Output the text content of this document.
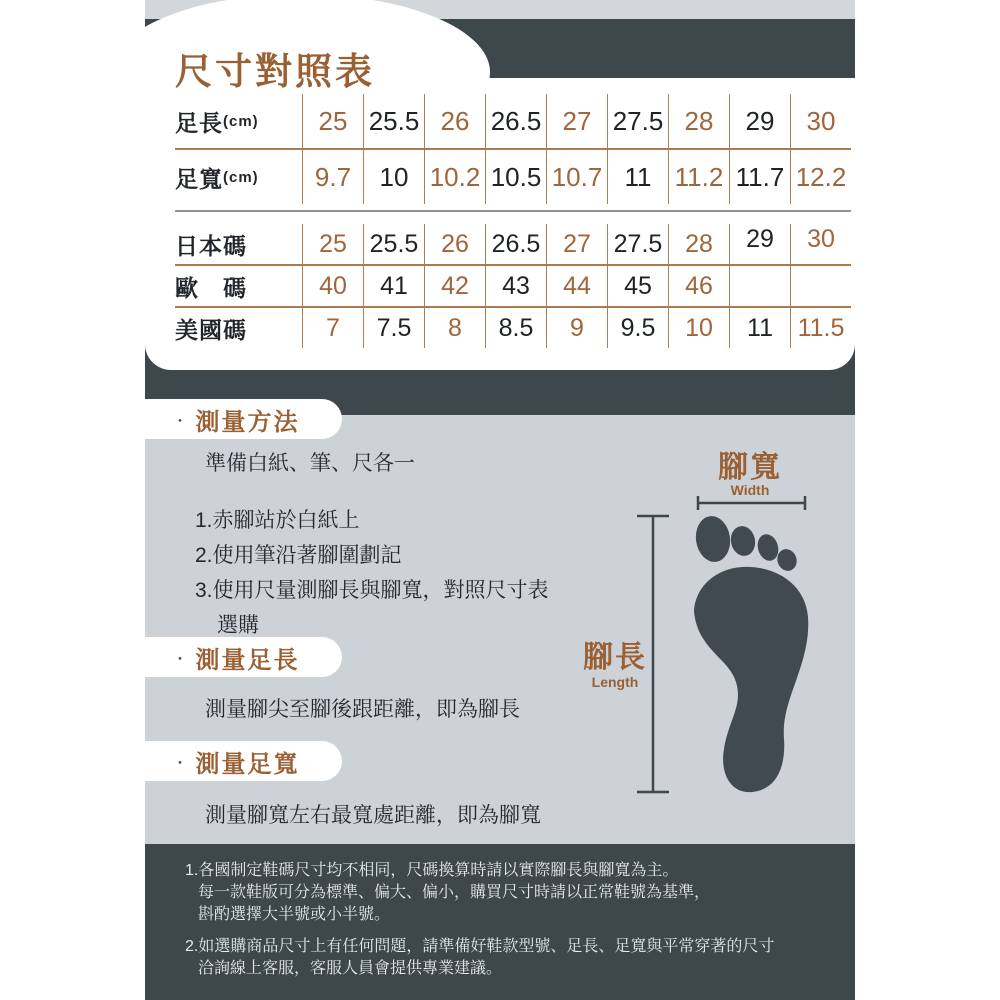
尺寸對照表
足長 (cm)	25 25.5 26 26.5 27 27.5 28	29	30
足寬 (cm)	9.7	10 10.2 10.5 10.7 11 11.2 11.7 12.2
日本碼	25 25.5 26 26.5 27 27.5 28	29	30
歐　碼	40	41	42	43	44	45	46
美國碼	7	7.5	8	8.5	9	9.5	10	11 11.5
・ 測量方法
準備白紙、筆、尺各一
1.赤腳站於白紙上
2.使用筆沿著腳圍劃記
3.使用尺量測腳長與腳寬，對照尺寸表
選購
・ 測量足長
測量腳尖至腳後跟距離，即為腳長
・ 測量足寬
測量腳寬左右最寬處距離，即為腳寬
腳寬
Width
腳長
Length
1.各國制定鞋碼尺寸均不相同，尺碼換算時請以實際腳長與腳寬為主。
每一款鞋版可分為標準、偏大、偏小，購買尺寸時請以正常鞋號為基準，
斟酌選擇大半號或小半號。
2.如選購商品尺寸上有任何問題，請準備好鞋款型號、足長、足寬與平常穿著的尺寸
洽詢線上客服，客服人員會提供專業建議。
